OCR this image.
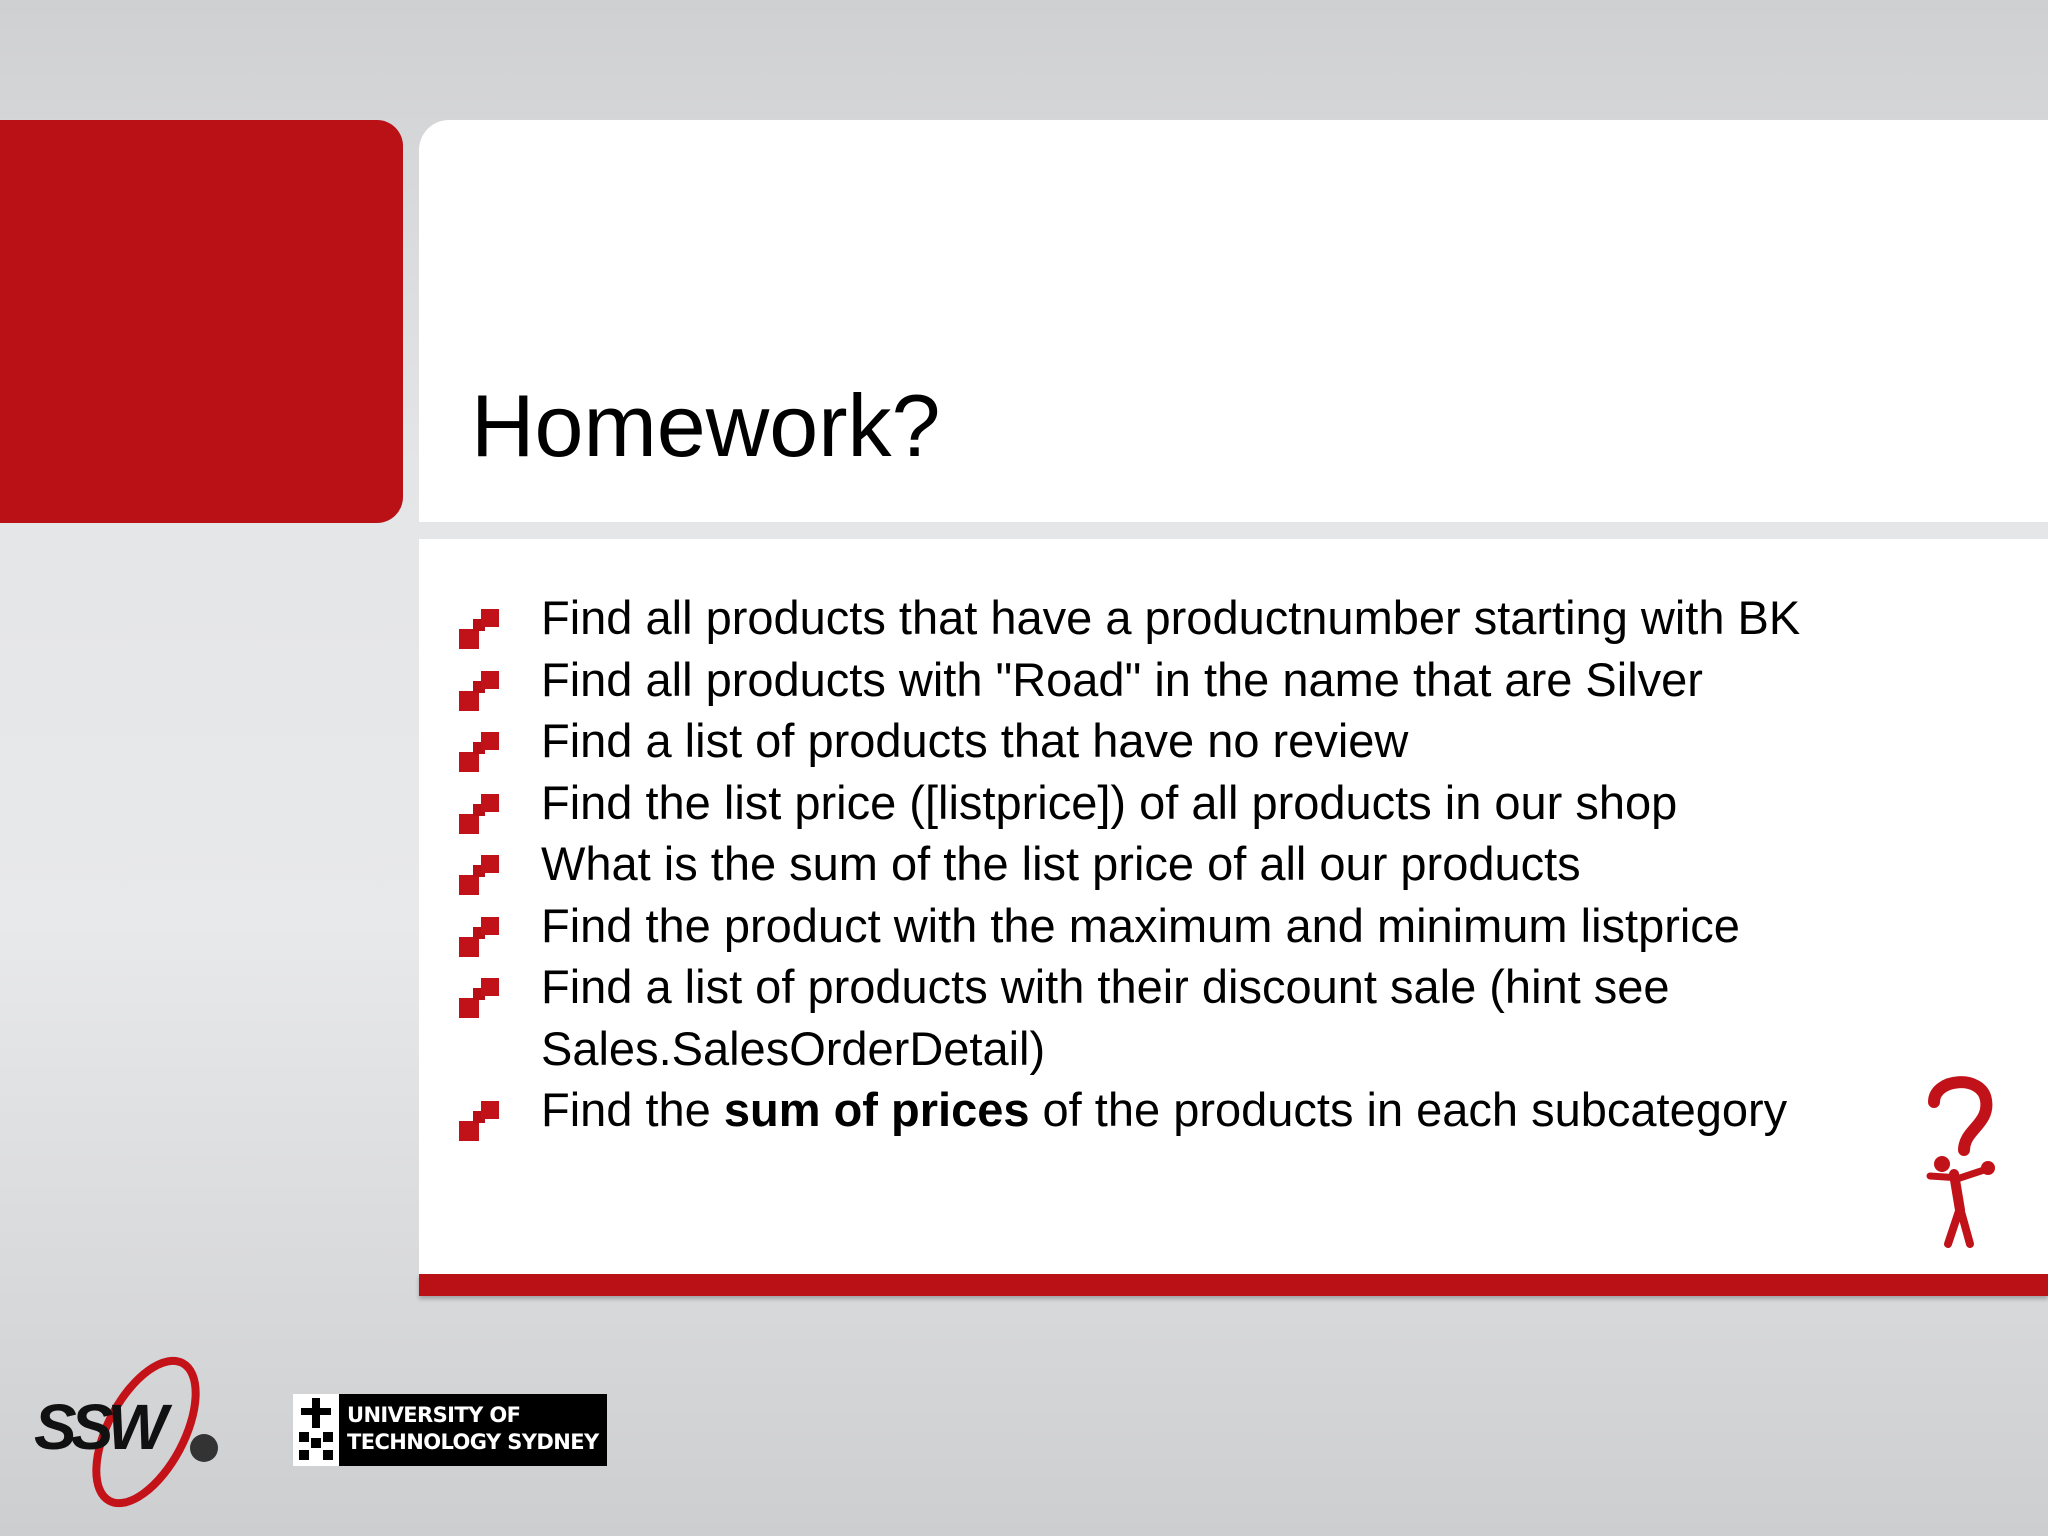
Homework?
Find all products that have a productnumber starting with BK
Find all products with "Road" in the name that are Silver
Find a list of products that have no review
Find the list price ([listprice]) of all products in our shop
What is the sum of the list price of all our products
Find the product with the maximum and minimum listprice
Find a list of products with their discount sale (hint see
Sales.SalesOrderDetail)
Find the sum of prices of the products in each subcategory
SSW	UNIVERSITY OF
TECHNOLOGY SYDNEY
